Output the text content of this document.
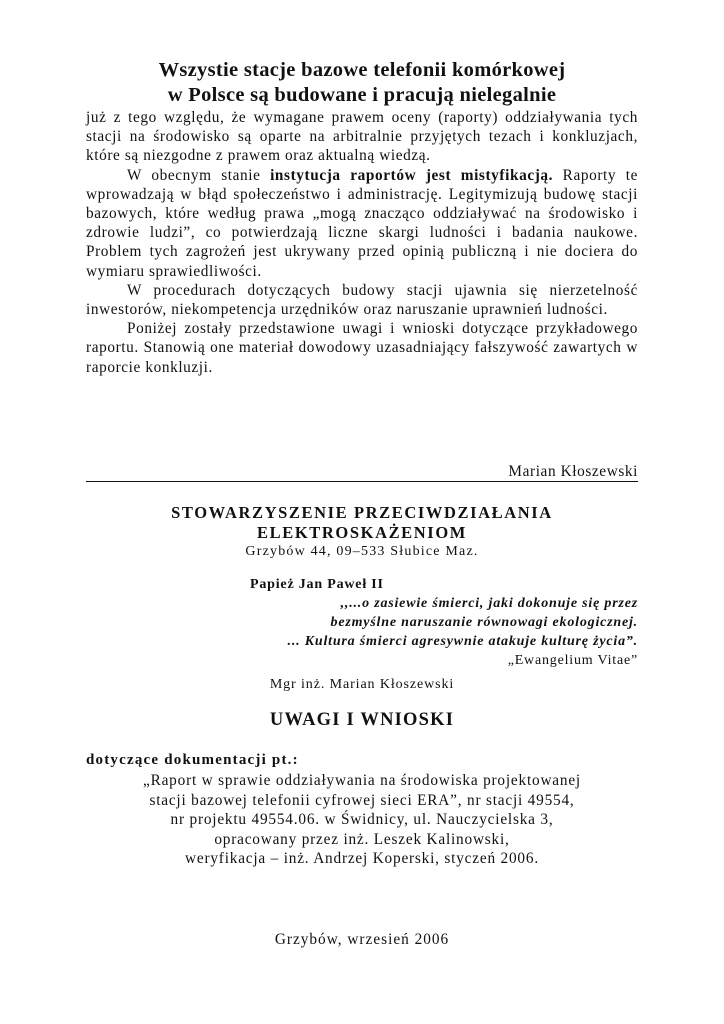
Wszystie stacje bazowe telefonii komórkowej
w Polsce są budowane i pracują nielegalnie

już z tego względu, że wymagane prawem oceny (raporty) oddziaływania tych stacji na środowisko są oparte na arbitralnie przyjętych tezach i konkluzjach, które są niezgodne z prawem oraz aktualną wiedzą.

W obecnym stanie instytucja raportów jest mistyfikacją. Raporty te wprowadzają w błąd społeczeństwo i administrację. Legitymizują budowę stacji bazowych, które według prawa „mogą znacząco oddziaływać na środowisko i zdrowie ludzi”, co potwierdzają liczne skargi ludności i badania naukowe. Problem tych zagrożeń jest ukrywany przed opinią publiczną i nie dociera do wymiaru sprawiedliwości.

W procedurach dotyczących budowy stacji ujawnia się nierzetelność inwestorów, niekompetencja urzędników oraz naruszanie uprawnień ludności.

Poniżej zostały przedstawione uwagi i wnioski dotyczące przykładowego raportu. Stanowią one materiał dowodowy uzasadniający fałszywość zawartych w raporcie konkluzji.

Marian Kłoszewski
STOWARZYSZENIE PRZECIWDZIAŁANIA
ELEKTROSKAŻENIOM
Grzybów 44, 09–533 Słubice Maz.
Papież Jan Paweł II
,,...o zasiewie śmierci, jaki dokonuje się przez
bezmyślne naruszanie równowagi ekologicznej.
... Kultura śmierci agresywnie atakuje kulturę życia”.
„Ewangelium Vitae”
Mgr inż. Marian Kłoszewski
UWAGI I WNIOSKI
dotyczące dokumentacji pt.:
„Raport w sprawie oddziaływania na środowiska projektowanej
stacji bazowej telefonii cyfrowej sieci ERA”, nr stacji 49554,
nr projektu 49554.06. w Świdnicy, ul. Nauczycielska 3,
opracowany przez inż. Leszek Kalinowski,
weryfikacja – inż. Andrzej Koperski, styczeń 2006.
Grzybów, wrzesień 2006
